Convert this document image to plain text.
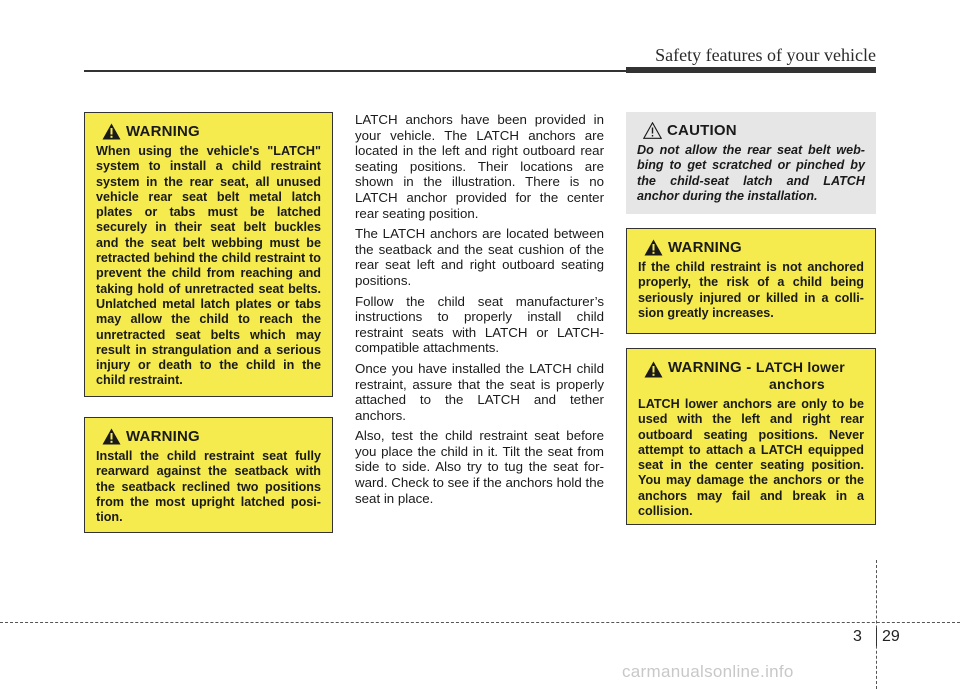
Safety features of your vehicle
WARNING
When using the vehicle's "LATCH" system to install a child restraint system in the rear seat, all unused vehicle rear seat belt metal latch plates or tabs must be latched securely in their seat belt buckles and the seat belt webbing must be retracted behind the child restraint to prevent the child from reaching and taking hold of unretracted seat belts. Unlatched metal latch plates or tabs may allow the child to reach the unretracted seat belts which may result in strangulation and a serious injury or death to the child in the child restraint.
WARNING
Install the child restraint seat fully rearward against the seatback with the seatback reclined two positions from the most upright latched posi-tion.

LATCH anchors have been provided in your vehicle. The LATCH anchors are located in the left and right outboard rear seating positions. Their locations are shown in the illustration. There is no LATCH anchor provided for the center rear seating position.

The LATCH anchors are located between the seatback and the seat cushion of the rear seat left and right outboard seating positions.

Follow the child seat manufacturer’s instructions to properly install child restraint seats with LATCH or LATCH-compatible attachments.

Once you have installed the LATCH child restraint, assure that the seat is properly attached to the LATCH and tether anchors.

Also, test the child restraint seat before you place the child in it. Tilt the seat from side to side. Also try to tug the seat for-ward. Check to see if the anchors hold the seat in place.

CAUTION
Do not allow the rear seat belt web-bing to get scratched or pinched by the child-seat latch and LATCH anchor during the installation.
WARNING
If the child restraint is not anchored properly, the risk of a child being seriously injured or killed in a colli-sion greatly increases.
WARNING - LATCH lower
anchors
LATCH lower anchors are only to be used with the left and right rear outboard seating positions. Never attempt to attach a LATCH equipped seat in the center seating position. You may damage the anchors or the anchors may fail and break in a collision.
3 29
carmanualsonline.info
